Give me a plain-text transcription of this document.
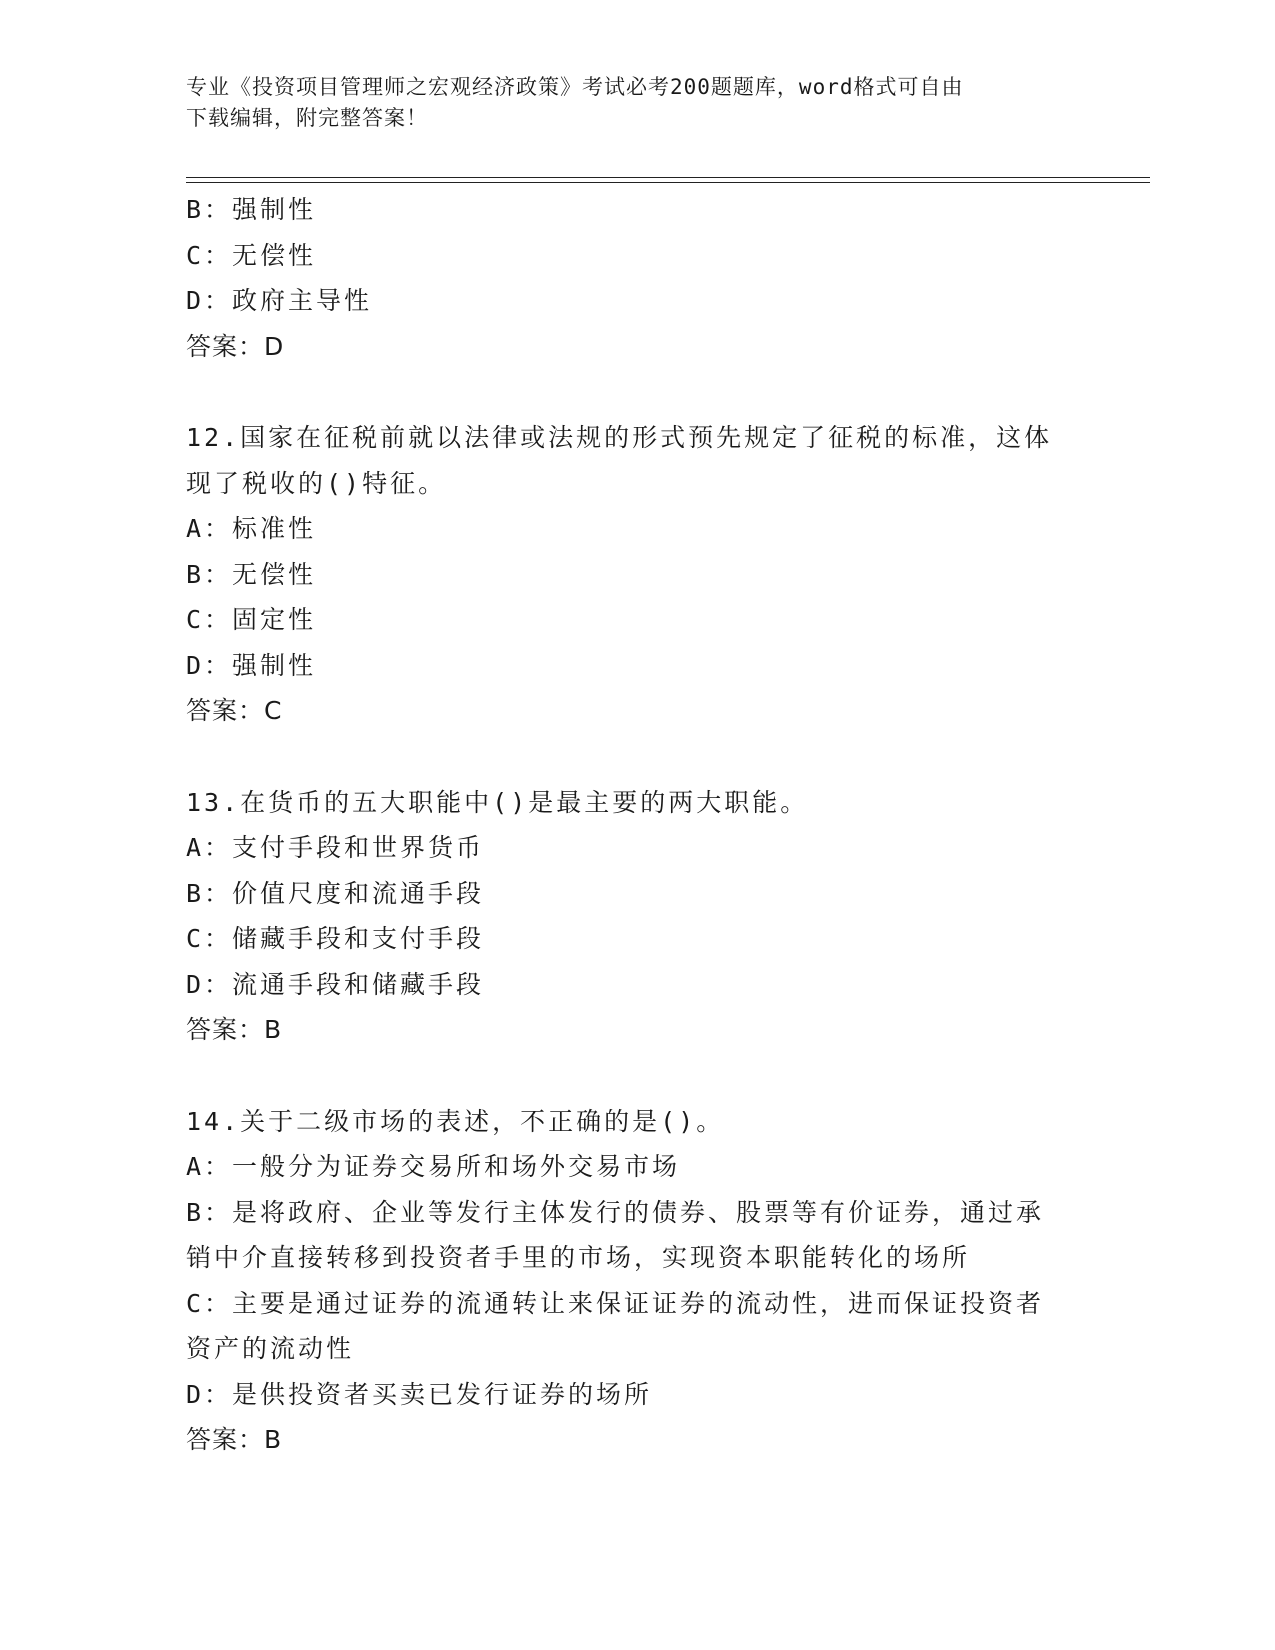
专业《投资项目管理师之宏观经济政策》考试必考200题题库，word格式可自由
下载编辑，附完整答案！
B：强制性
C：无偿性
D：政府主导性
答案：D
12.国家在征税前就以法律或法规的形式预先规定了征税的标准，这体
现了税收的()特征。
A：标准性
B：无偿性
C：固定性
D：强制性
答案：C
13.在货币的五大职能中()是最主要的两大职能。
A：支付手段和世界货币
B：价值尺度和流通手段
C：储藏手段和支付手段
D：流通手段和储藏手段
答案：B
14.关于二级市场的表述，不正确的是()。
A：一般分为证券交易所和场外交易市场
B：是将政府、企业等发行主体发行的债券、股票等有价证券，通过承
销中介直接转移到投资者手里的市场，实现资本职能转化的场所
C：主要是通过证券的流通转让来保证证券的流动性，进而保证投资者
资产的流动性
D：是供投资者买卖已发行证券的场所
答案：B
